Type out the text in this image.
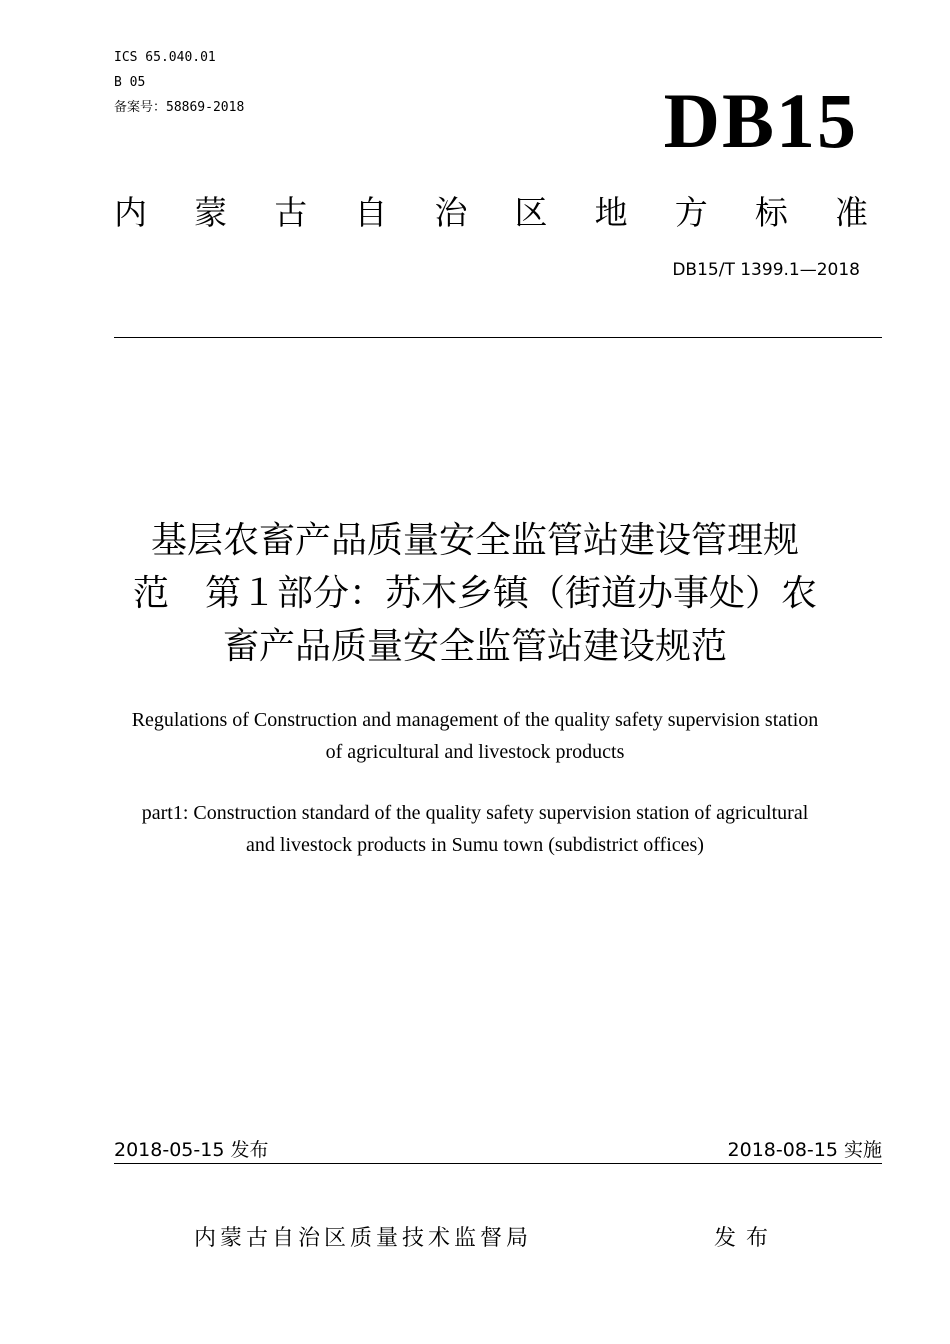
ICS 65.040.01
B 05
备案号：58869-2018	DB15
内 蒙 古 自 治 区 地 方 标 准
DB15/T 1399.1—2018
基层农畜产品质量安全监管站建设管理规
范　第１部分：苏木乡镇（街道办事处）农
畜产品质量安全监管站建设规范
Regulations of Construction and management of the quality safety supervision station
of agricultural and livestock products
part1: Construction standard of the quality safety supervision station of agricultural
and livestock products in Sumu town (subdistrict offices)
2018-05-15 发布	2018-08-15 实施
内蒙古自治区质量技术监督局	发布
